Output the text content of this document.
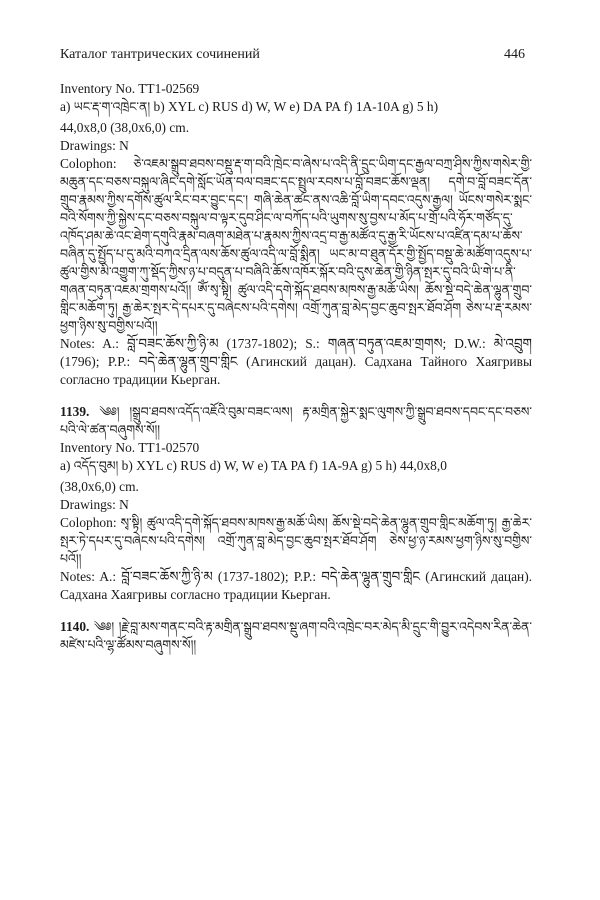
Каталог тантрических сочинений	446
Inventory No. TT1-02569
a) ཡང་རྡ་ག་འཁྲེང་ན། b) XYL c) RUS d) W, W e) DA PA f) 1A-10A g) 5 h)
44,0x8,0 (38,0x6,0) cm.
Drawings: N
Colophon: ཅེ་འཇམ་སྒྲུབ་ཐབས་བསྡུ་རྡ་ག་བའི་ཁྲེང་བ་ཞེས་པ་འདི་ནི་དྲུང་ཡིག་དང་རྒྱལ་བཀྲ་ཤིས་ཀྱིས་གསེར་གྱི་མཆུན་དང་བཅས་བསྐུལ་ཞིང་དགེ་སློང་ཡོན་བལ་བཟང་དང་སྤྲུལ་རབས་པ་བློ་བཟང་ཆོས་ལྡན། དགེ་བ་བློ་བཟང་དོན་གྲུབ་རྣམས་ཀྱིས་དགོས་ཚུལ་རིང་བར་བྱུང་དང་། གཞི་ཆེན་ཚང་ནས་འཆི་བློ་ཡིག་དབང་འདུས་རྒྱལ། ཡོངས་གསེར་སྨང་བའི་སོགས་ཀྱི་སྐྱེས་དང་བཅས་བསྐུལ་བ་ལྟར་དུབ་ཤིང་ལ་བཀོད་པའི་ཡུགས་སུ་བྱས་པ་མོད་པ་གྲོ་པའི་ཧོར་གཙོད་དུ་འཁོད་ཤམ་ཆེ་འང་ཐེག་དགུའི་རྣམ་བཞག་མཐེན་པ་རྣམས་ཀྱིས་འདྲ་བ་རྒྱ་མཚོའ་དུ་རྒྱ་རི་ཡོངས་པ་འཛིན་དམ་པ་ཆོས་བཞིན་དུ་སྤྱོད་པ་དུ་མའི་བཀའ་དྲིན་ལས་ཆོས་ཚུལ་འདི་ལ་བློ་སྨིན། ཡང་མ་བ་ཐུན་དོར་གྱི་སྤྱོད་བསྡུ་ཆེ་མཚོག་འདུས་པ་ཚུལ་གྱིས་མི་འགྱུག་ཀུ་སྡོད་ཀྱིས་ཉ་པ་བདུན་པ་བཞིའི་ཆོས་འཁོར་སྐོར་བའི་དུས་ཆེན་གྱི་ཉིན་སྤར་དུ་བའི་ཡི་གེ་པ་ནི་གཞན་བཏུན་འཇམ་གྲགས་པའོ།། ཨོཾ་སྭ་སྟི། ཚུལ་འདི་དགེ་སྐོད་ཐབས་མཁས་རྒྱ་མཆོ་ཡིས། ཆོས་སྡེ་བདེ་ཆེན་ལྷུན་གྲུབ་གླིང་མཆོག་ཏུ། རྒྱ་ཆེར་སྤར་དེ་དཔར་དུ་བཞེངས་པའི་དགེས། འགྲོ་ཀུན་བླ་མེད་བྱང་ཆུབ་སྤར་ཐོབ་ཤོག ཅེས་པ་རྡ་རམས་ཕྱག་ཉིས་སུ་བགྱིས་པའོ།།
Notes: A.: བློ་བཟང་ཆོས་ཀྱི་ཉི་མ (1737-1802); S.: གཞན་བཏུན་འཇམ་གྲགས; D.W.: མེ་འབྲུག (1796); P.P.: བདེ་ཆེན་ལྷུན་གྲུབ་གླིང (Агинский дацан). Садхана Тайного Хаягривы согласно традиции Кьерган.
1139. ༄༅། །སྒྲུབ་ཐབས་འདོད་འཇོའི་བུམ་བཟང་ལས། རྟ་མགྲིན་སྐྱེར་སྨང་ལུགས་ཀྱི་སྒྲུབ་ཐབས་དབང་དང་བཅས་པའི་ལེ་ཚན་བཞུགས་སོ།།
Inventory No. TT1-02570
a) འདོད་བུམ། b) XYL c) RUS d) W, W e) TA PA f) 1A-9A g) 5 h) 44,0x8,0
(38,0x6,0) cm.
Drawings: N
Colophon: སྭ་སྟི། ཚུལ་འདི་དགེ་སྐོད་ཐབས་མཁས་རྒྱ་མཆོ་ཡིས། ཆོས་སྡེ་བདེ་ཆེན་ལྷུན་གྲུབ་གླིང་མཆོག་ཏུ། རྒྱ་ཆེར་སྤར་ཏེ་དཔར་དུ་བཞེངས་པའི་དགེས། འགྲོ་ཀུན་བླ་མེད་བྱང་ཆུབ་སྤར་ཐོབ་ཤོག ཅེས་ཕྱ་ཉ་རམས་ཕྱག་ཉིས་སུ་བགྱིས་པའོ།།
Notes: A.: བློ་བཟང་ཆོས་ཀྱི་ཉི་མ (1737-1802); P.P.: བདེ་ཆེན་ལྷུན་གྲུབ་གླིང (Агинский дацан). Садхана Хаягривы согласно традиции Кьерган.
1140. ༄༅། །རྗེ་བླ་མས་གནང་བའི་རྟ་མགྲིན་སྒྲུབ་ཐབས་སྡུ་ཞག་བའི་འཁྲེང་བར་མེད་མི་དྲུང་གི་བྱུར་འདེབས་རིན་ཆེན་མཛེས་པའི་ལྷ་ཚོམས་བཞུགས་སོ།།
